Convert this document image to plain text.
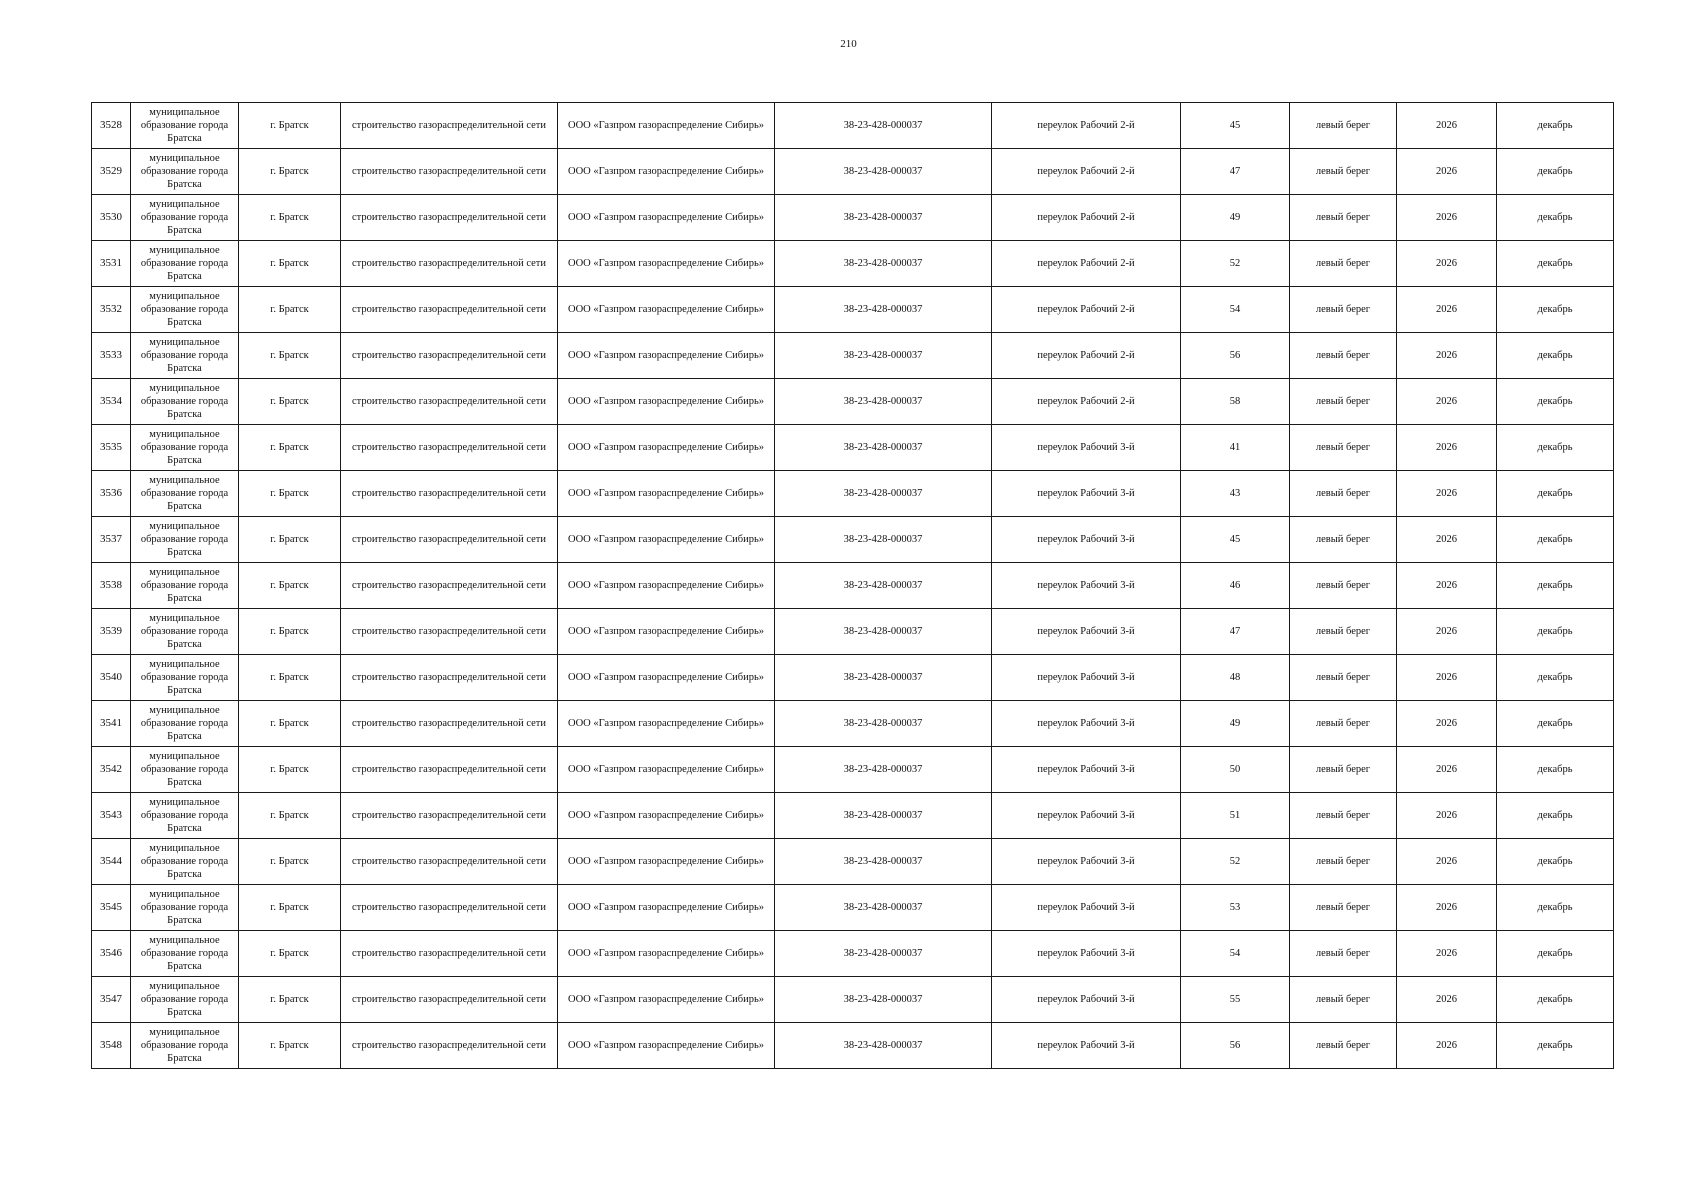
210
3528	муниципальное образование города Братска	г. Братск	строительство газораспределительной сети	ООО «Газпром газораспределение Сибирь»	38-23-428-000037	переулок Рабочий 2-й	45	левый берег	2026	декабрь
3529	муниципальное образование города Братска	г. Братск	строительство газораспределительной сети	ООО «Газпром газораспределение Сибирь»	38-23-428-000037	переулок Рабочий 2-й	47	левый берег	2026	декабрь
3530	муниципальное образование города Братска	г. Братск	строительство газораспределительной сети	ООО «Газпром газораспределение Сибирь»	38-23-428-000037	переулок Рабочий 2-й	49	левый берег	2026	декабрь
3531	муниципальное образование города Братска	г. Братск	строительство газораспределительной сети	ООО «Газпром газораспределение Сибирь»	38-23-428-000037	переулок Рабочий 2-й	52	левый берег	2026	декабрь
3532	муниципальное образование города Братска	г. Братск	строительство газораспределительной сети	ООО «Газпром газораспределение Сибирь»	38-23-428-000037	переулок Рабочий 2-й	54	левый берег	2026	декабрь
3533	муниципальное образование города Братска	г. Братск	строительство газораспределительной сети	ООО «Газпром газораспределение Сибирь»	38-23-428-000037	переулок Рабочий 2-й	56	левый берег	2026	декабрь
3534	муниципальное образование города Братска	г. Братск	строительство газораспределительной сети	ООО «Газпром газораспределение Сибирь»	38-23-428-000037	переулок Рабочий 2-й	58	левый берег	2026	декабрь
3535	муниципальное образование города Братска	г. Братск	строительство газораспределительной сети	ООО «Газпром газораспределение Сибирь»	38-23-428-000037	переулок Рабочий 3-й	41	левый берег	2026	декабрь
3536	муниципальное образование города Братска	г. Братск	строительство газораспределительной сети	ООО «Газпром газораспределение Сибирь»	38-23-428-000037	переулок Рабочий 3-й	43	левый берег	2026	декабрь
3537	муниципальное образование города Братска	г. Братск	строительство газораспределительной сети	ООО «Газпром газораспределение Сибирь»	38-23-428-000037	переулок Рабочий 3-й	45	левый берег	2026	декабрь
3538	муниципальное образование города Братска	г. Братск	строительство газораспределительной сети	ООО «Газпром газораспределение Сибирь»	38-23-428-000037	переулок Рабочий 3-й	46	левый берег	2026	декабрь
3539	муниципальное образование города Братска	г. Братск	строительство газораспределительной сети	ООО «Газпром газораспределение Сибирь»	38-23-428-000037	переулок Рабочий 3-й	47	левый берег	2026	декабрь
3540	муниципальное образование города Братска	г. Братск	строительство газораспределительной сети	ООО «Газпром газораспределение Сибирь»	38-23-428-000037	переулок Рабочий 3-й	48	левый берег	2026	декабрь
3541	муниципальное образование города Братска	г. Братск	строительство газораспределительной сети	ООО «Газпром газораспределение Сибирь»	38-23-428-000037	переулок Рабочий 3-й	49	левый берег	2026	декабрь
3542	муниципальное образование города Братска	г. Братск	строительство газораспределительной сети	ООО «Газпром газораспределение Сибирь»	38-23-428-000037	переулок Рабочий 3-й	50	левый берег	2026	декабрь
3543	муниципальное образование города Братска	г. Братск	строительство газораспределительной сети	ООО «Газпром газораспределение Сибирь»	38-23-428-000037	переулок Рабочий 3-й	51	левый берег	2026	декабрь
3544	муниципальное образование города Братска	г. Братск	строительство газораспределительной сети	ООО «Газпром газораспределение Сибирь»	38-23-428-000037	переулок Рабочий 3-й	52	левый берег	2026	декабрь
3545	муниципальное образование города Братска	г. Братск	строительство газораспределительной сети	ООО «Газпром газораспределение Сибирь»	38-23-428-000037	переулок Рабочий 3-й	53	левый берег	2026	декабрь
3546	муниципальное образование города Братска	г. Братск	строительство газораспределительной сети	ООО «Газпром газораспределение Сибирь»	38-23-428-000037	переулок Рабочий 3-й	54	левый берег	2026	декабрь
3547	муниципальное образование города Братска	г. Братск	строительство газораспределительной сети	ООО «Газпром газораспределение Сибирь»	38-23-428-000037	переулок Рабочий 3-й	55	левый берег	2026	декабрь
3548	муниципальное образование города Братска	г. Братск	строительство газораспределительной сети	ООО «Газпром газораспределение Сибирь»	38-23-428-000037	переулок Рабочий 3-й	56	левый берег	2026	декабрь
